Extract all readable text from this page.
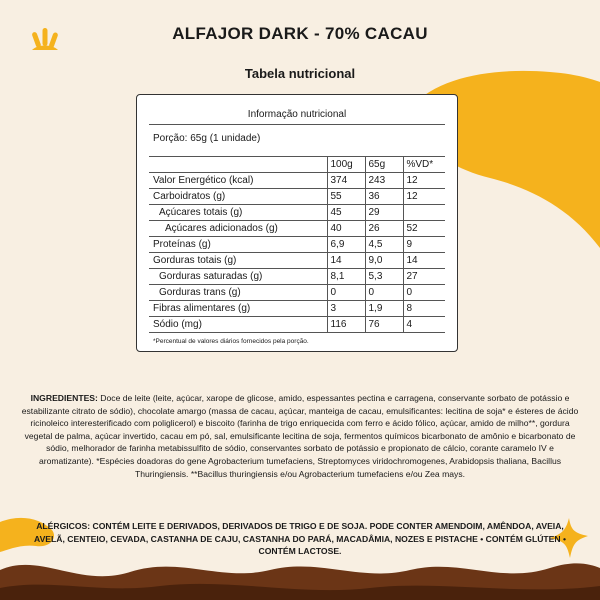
ALFAJOR DARK - 70% CACAU
Tabela nutricional
Informação nutricional
Porção: 65g (1 unidade)
	100g	65g	%VD*
Valor Energético (kcal)	374	243	12
Carboidratos (g)	55	36	12
Açúcares totais (g)	45	29	
Açúcares adicionados (g)	40	26	52
Proteínas (g)	6,9	4,5	9
Gorduras totais (g)	14	9,0	14
Gorduras saturadas (g)	8,1	5,3	27
Gorduras trans (g)	0	0	0
Fibras alimentares (g)	3	1,9	8
Sódio (mg)	116	76	4
*Percentual de valores diários fornecidos pela porção.
INGREDIENTES: Doce de leite (leite, açúcar, xarope de glicose, amido, espessantes pectina e carragena, conservante sorbato de potássio e estabilizante citrato de sódio), chocolate amargo (massa de cacau, açúcar, manteiga de cacau, emulsificantes: lecitina de soja* e ésteres de ácido ricinoleico interesterificado com poliglicerol) e biscoito (farinha de trigo enriquecida com ferro e ácido fólico, açúcar, amido de milho**, gordura vegetal de palma, açúcar invertido, cacau em pó, sal, emulsificante lecitina de soja, fermentos químicos bicarbonato de amônio e bicarbonato de sódio, melhorador de farinha metabissulfito de sódio, conservantes sorbato de potássio e propionato de cálcio, corante caramelo IV e aromatizante). *Espécies doadoras do gene Agrobacterium tumefaciens, Streptomyces viridochromogenes, Arabidopsis thaliana, Bacillus Thuringiensis. **Bacillus thuringiensis e/ou Agrobacterium tumefaciens e/ou Zea mays.
ALÉRGICOS: CONTÉM LEITE E DERIVADOS, DERIVADOS DE TRIGO E DE SOJA. PODE CONTER AMENDOIM, AMÊNDOA, AVEIA, AVELÃ, CENTEIO, CEVADA, CASTANHA DE CAJU, CASTANHA DO PARÁ, MACADÂMIA, NOZES E PISTACHE • CONTÉM GLÚTEN • CONTÉM LACTOSE.
